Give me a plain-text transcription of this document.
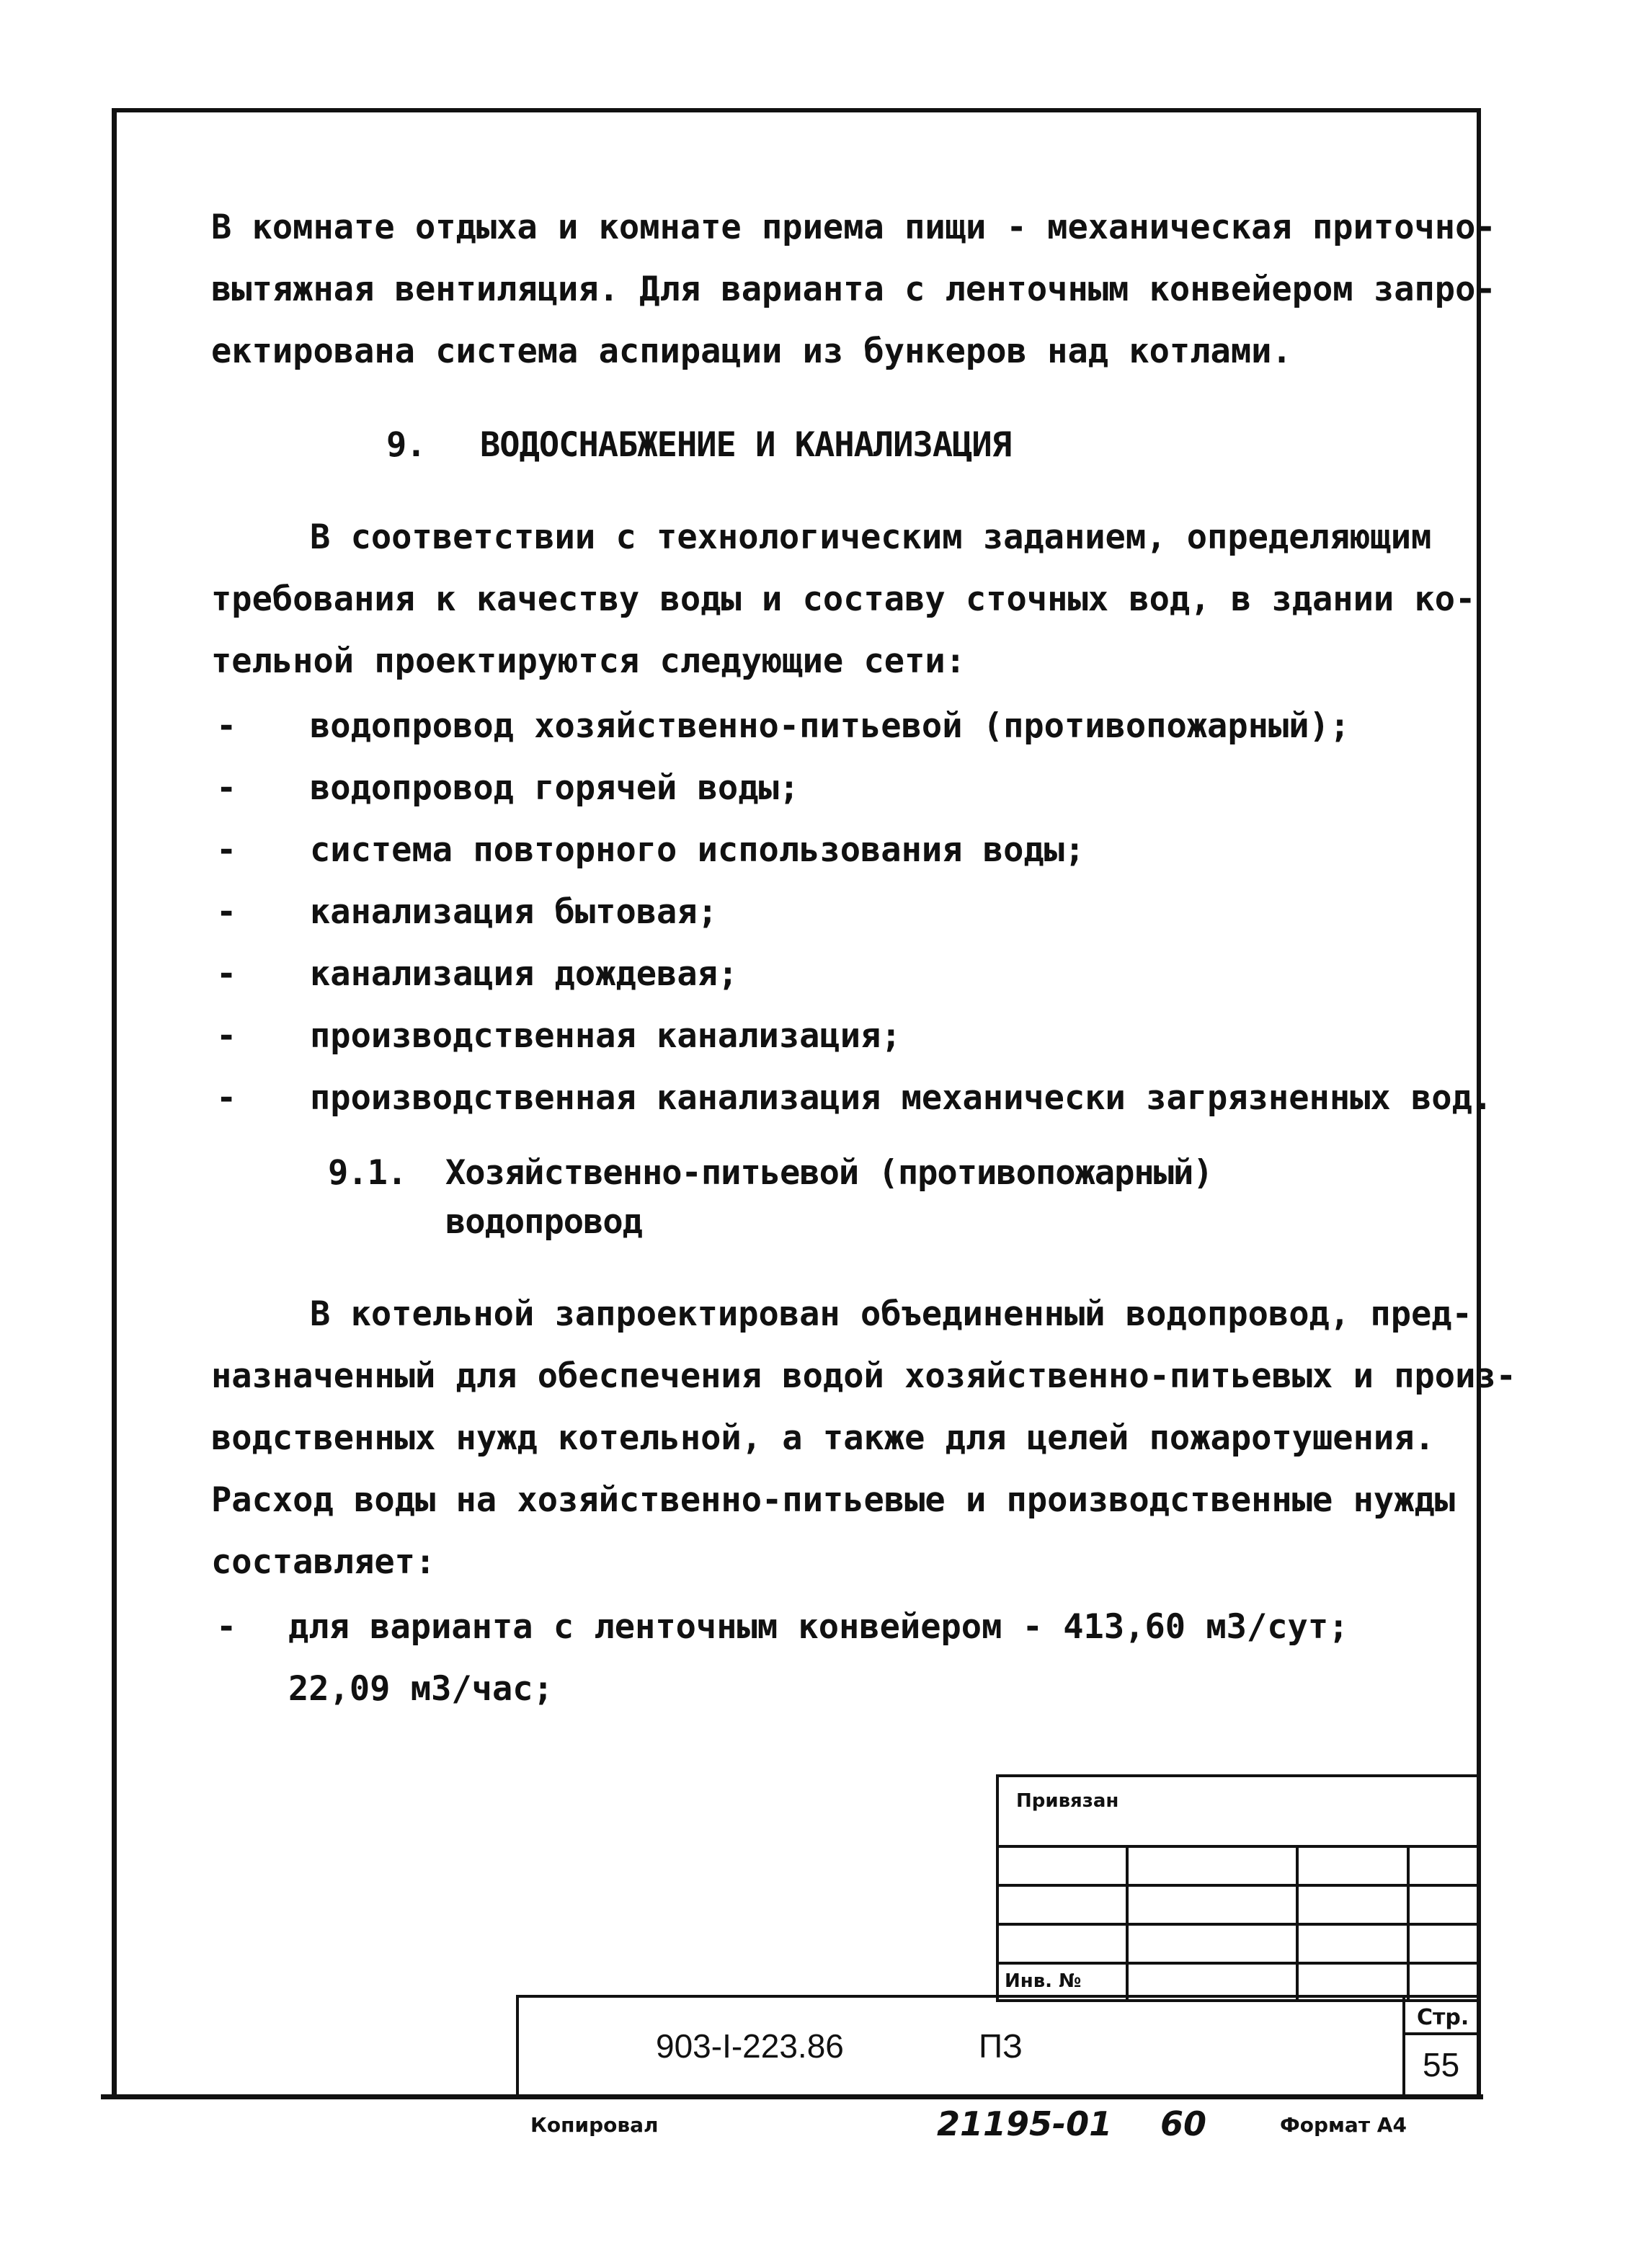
В комнате отдыха и комнате приема пищи - механическая приточно-
вытяжная вентиляция. Для варианта с ленточным конвейером запро-
ектирована система аспирации из бункеров над котлами.
9. ВОДОСНАБЖЕНИЕ И КАНАЛИЗАЦИЯ
В соответствии с технологическим заданием, определяющим
требования к качеству воды и составу сточных вод, в здании ко-
тельной проектируются следующие сети:
- водопровод хозяйственно-питьевой (противопожарный);
- водопровод горячей воды;
- система повторного использования воды;
- канализация бытовая;
- канализация дождевая;
- производственная канализация;
- производственная канализация механически загрязненных вод.
9.1. Хозяйственно-питьевой (противопожарный)
водопровод
В котельной запроектирован объединенный водопровод, пред-
назначенный для обеспечения водой хозяйственно-питьевых и произ-
водственных нужд котельной, а также для целей пожаротушения.
Расход воды на хозяйственно-питьевые и производственные нужды
составляет:
- для варианта с ленточным конвейером - 413,60 м3/сут;
22,09 м3/час;
Привязан
Инв. №
903-I-223.86	ПЗ
Стр.
55
Копировал	21195-01 60	Формат А4
